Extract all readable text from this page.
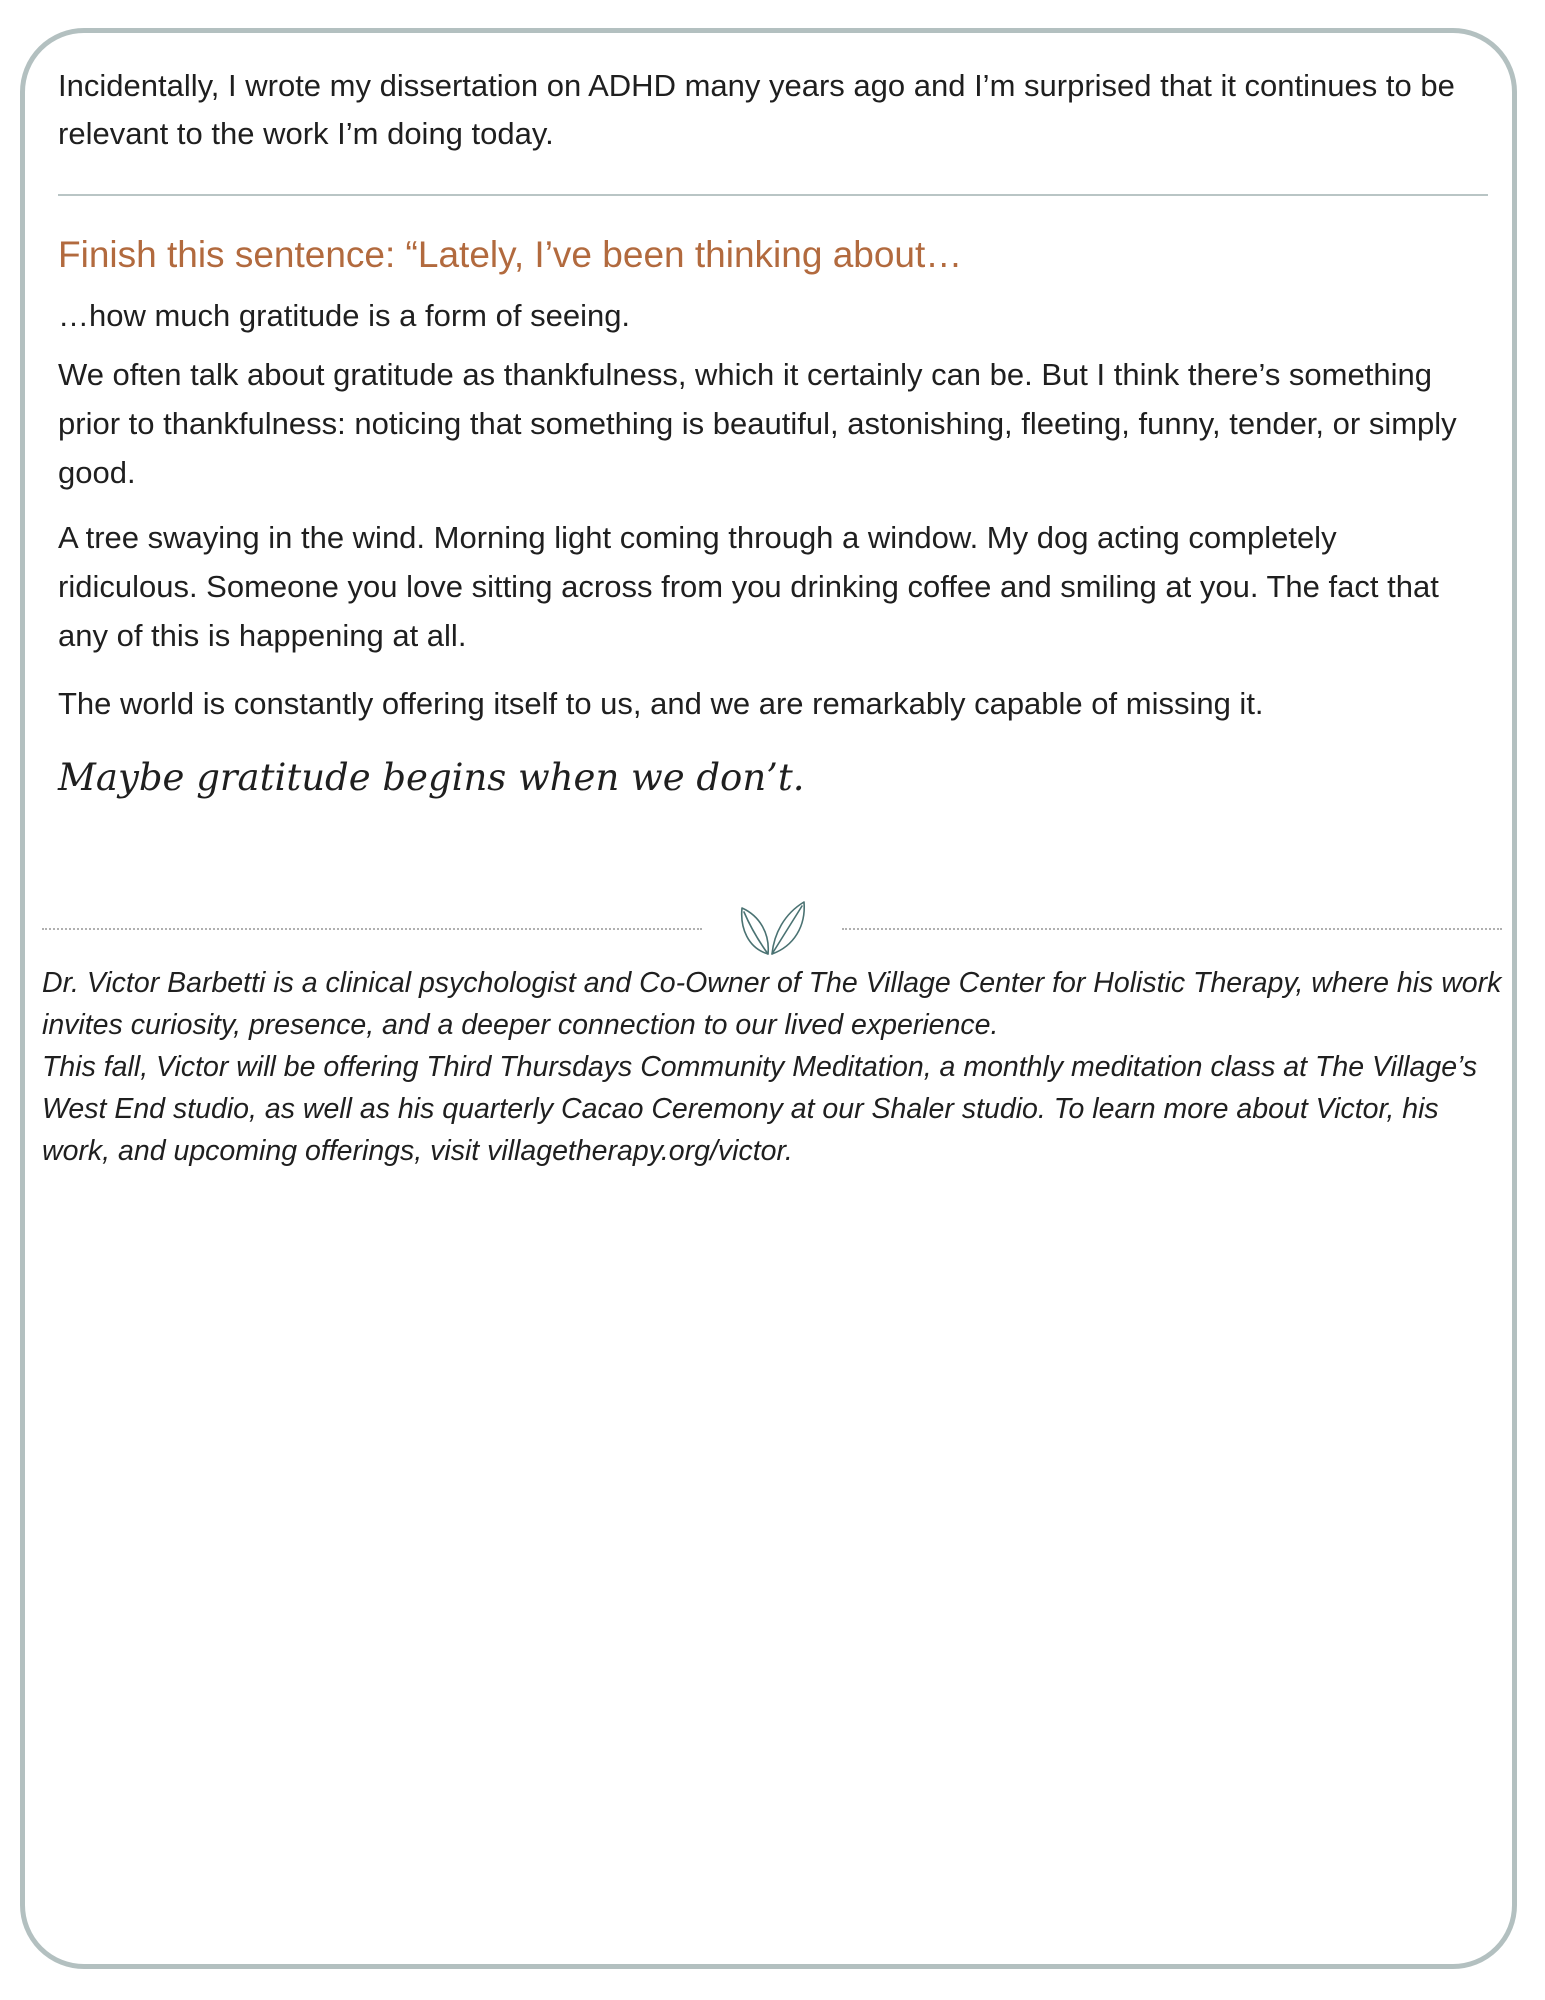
Incidentally, I wrote my dissertation on ADHD many years ago and I’m surprised that it continues to be relevant to the work I’m doing today.

Finish this sentence: “Lately, I’ve been thinking about…

…how much gratitude is a form of seeing.

We often talk about gratitude as thankfulness, which it certainly can be. But I think there’s something prior to thankfulness: noticing that something is beautiful, astonishing, fleeting, funny, tender, or simply good.

A tree swaying in the wind. Morning light coming through a window. My dog acting completely ridiculous. Someone you love sitting across from you drinking coffee and smiling at you. The fact that any of this is happening at all.

The world is constantly offering itself to us, and we are remarkably capable of missing it.

Maybe gratitude begins when we don’t.

Dr. Victor Barbetti is a clinical psychologist and Co-Owner of The Village Center for Holistic Therapy, where his work invites curiosity, presence, and a deeper connection to our lived experience.
This fall, Victor will be offering Third Thursdays Community Meditation, a monthly meditation class at The Village’s West End studio, as well as his quarterly Cacao Ceremony at our Shaler studio. To learn more about Victor, his work, and upcoming offerings, visit villagetherapy.org/victor.
